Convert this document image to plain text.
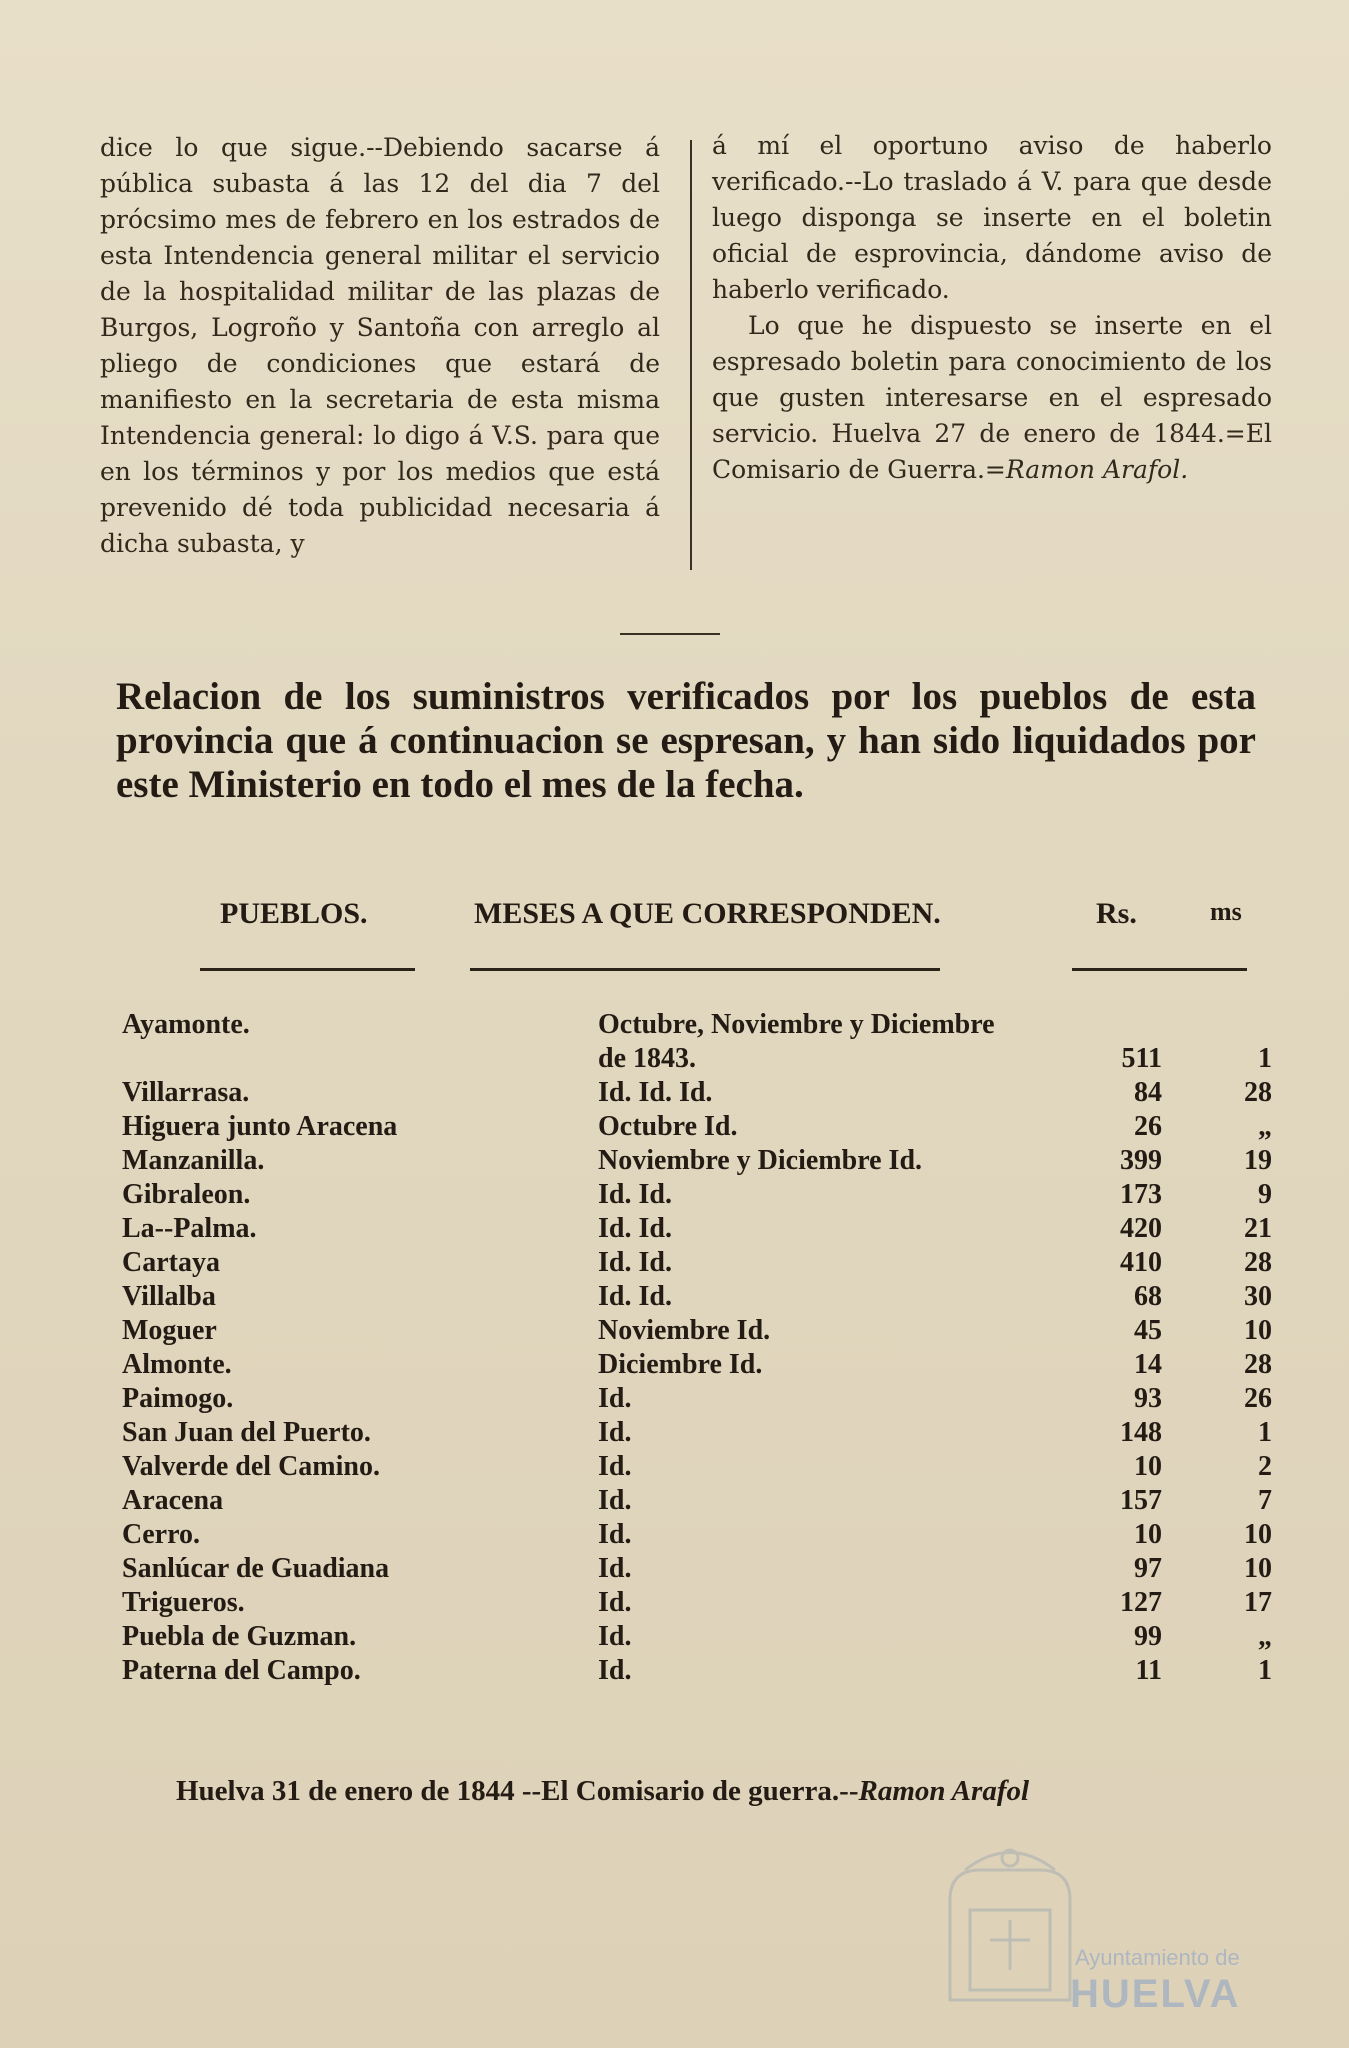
dice lo que sigue.--Debiendo sacarse á pública subasta á las 12 del dia 7 del prócsimo mes de febrero en los estrados de esta Intendencia general militar el servicio de la hospitalidad militar de las plazas de Burgos, Logroño y Santoña con arreglo al pliego de condiciones que estará de manifiesto en la secretaria de esta misma Intendencia general: lo digo á V.S. para que en los términos y por los medios que está prevenido dé toda publicidad necesaria á dicha subasta, y

á mí el oportuno aviso de haberlo verificado.--Lo traslado á V. para que desde luego disponga se inserte en el boletin oficial de esprovincia, dándome aviso de haberlo verificado.

Lo que he dispuesto se inserte en el espresado boletin para conocimiento de los que gusten interesarse en el espresado servicio. Huelva 27 de enero de 1844.=El Comisario de Guerra.=Ramon Arafol.

Relacion de los suministros verificados por los pueblos de esta provincia que á continuacion se espresan, y han sido liquidados por este Ministerio en todo el mes de la fecha.
PUEBLOS.	MESES A QUE CORRESPONDEN.	Rs.	ms
Ayamonte.	Octubre, Noviembre y Diciembre de 1843.	511	1
Villarrasa.	Id. Id. Id.	84	28
Higuera junto Aracena	Octubre Id.	26	„
Manzanilla.	Noviembre y Diciembre Id.	399	19
Gibraleon.	Id. Id.	173	9
La--Palma.	Id. Id.	420	21
Cartaya	Id. Id.	410	28
Villalba	Id. Id.	68	30
Moguer	Noviembre Id.	45	10
Almonte.	Diciembre Id.	14	28
Paimogo.	Id.	93	26
San Juan del Puerto.	Id.	148	1
Valverde del Camino.	Id.	10	2
Aracena	Id.	157	7
Cerro.	Id.	10	10
Sanlúcar de Guadiana	Id.	97	10
Trigueros.	Id.	127	17
Puebla de Guzman.	Id.	99	„
Paterna del Campo.	Id.	11	1
Huelva 31 de enero de 1844 --El Comisario de guerra.--Ramon Arafol
Ayuntamiento de
HUELVA
